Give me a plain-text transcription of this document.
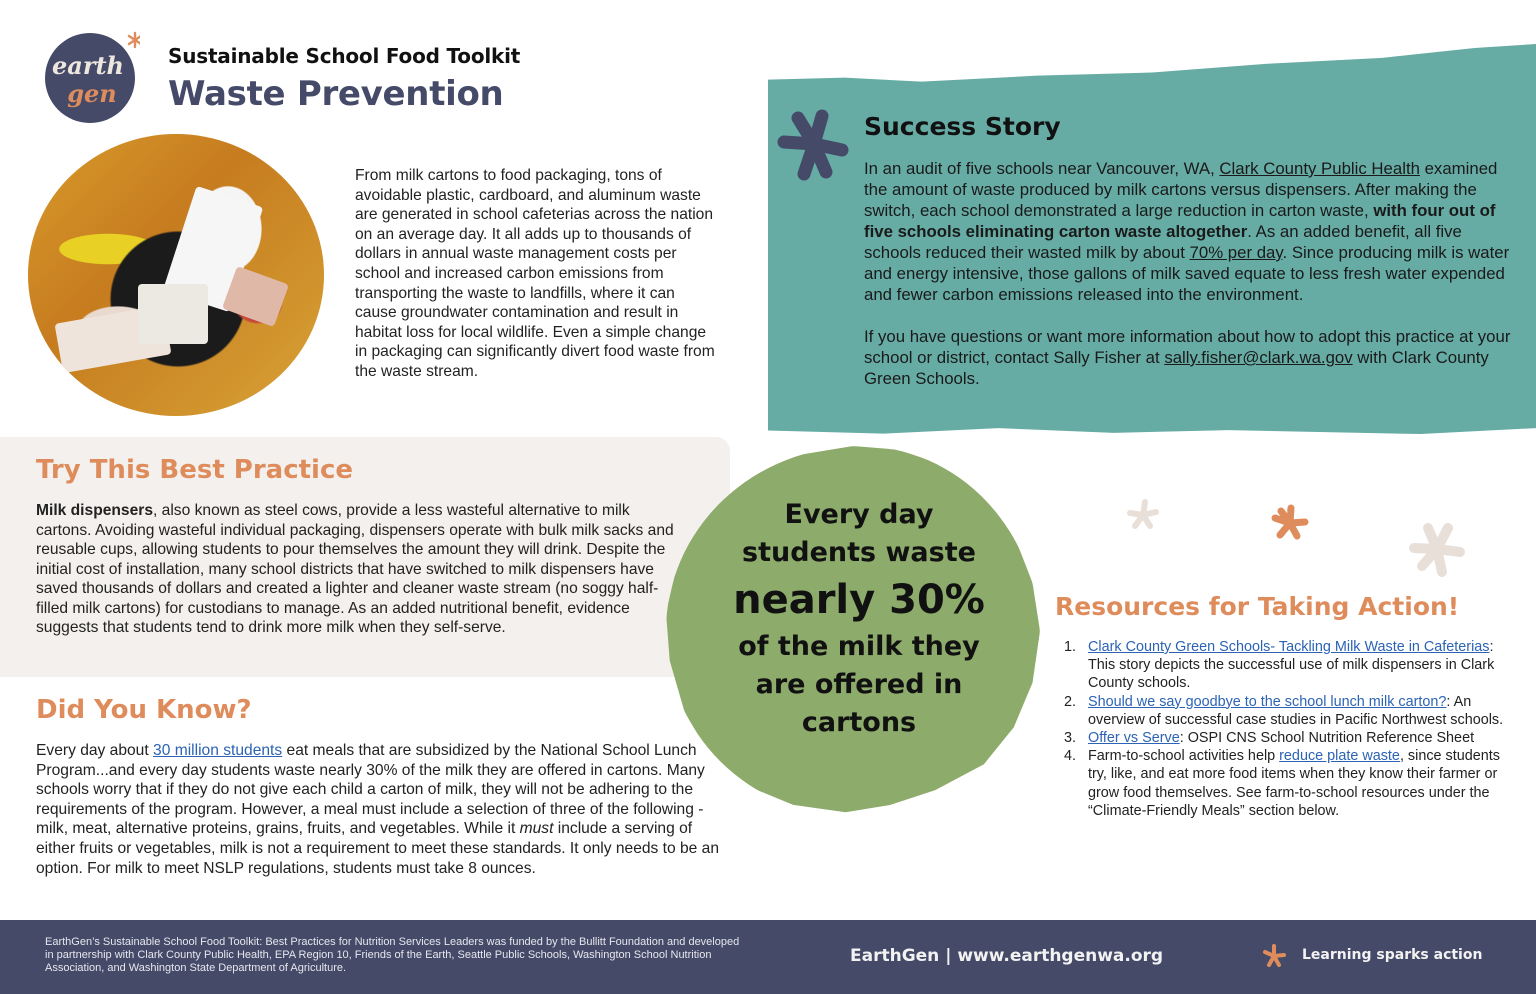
earth
gen
Sustainable School Food Toolkit
Waste Prevention
From milk cartons to food packaging, tons of avoidable plastic, cardboard, and aluminum waste are generated in school cafeterias across the nation on an average day. It all adds up to thousands of dollars in annual waste management costs per school and increased carbon emissions from transporting the waste to landfills, where it can cause groundwater contamination and result in habitat loss for local wildlife. Even a simple change in packaging can significantly divert food waste from the waste stream.
Success Story

In an audit of five schools near Vancouver, WA, Clark County Public Health examined the amount of waste produced by milk cartons versus dispensers. After making the switch, each school demonstrated a large reduction in carton waste, with four out of five schools eliminating carton waste altogether. As an added benefit, all five schools reduced their wasted milk by about 70% per day. Since producing milk is water and energy intensive, those gallons of milk saved equate to less fresh water expended and fewer carbon emissions released into the environment.

If you have questions or want more information about how to adopt this practice at your school or district, contact Sally Fisher at sally.fisher@clark.wa.gov with Clark County Green Schools.

Try This Best Practice
Milk dispensers, also known as steel cows, provide a less wasteful alternative to milk cartons. Avoiding wasteful individual packaging, dispensers operate with bulk milk sacks and reusable cups, allowing students to pour themselves the amount they will drink. Despite the initial cost of installation, many school districts that have switched to milk dispensers have saved thousands of dollars and created a lighter and cleaner waste stream (no soggy half-filled milk cartons) for custodians to manage. As an added nutritional benefit, evidence suggests that students tend to drink more milk when they self-serve.
Did You Know?
Every day about 30 million students eat meals that are subsidized by the National School Lunch Program...and every day students waste nearly 30% of the milk they are offered in cartons. Many schools worry that if they do not give each child a carton of milk, they will not be adhering to the requirements of the program. However, a meal must include a selection of three of the following - milk, meat, alternative proteins, grains, fruits, and vegetables. While it must include a serving of either fruits or vegetables, milk is not a requirement to meet these standards. It only needs to be an option. For milk to meet NSLP regulations, students must take 8 ounces.
Every day
students waste
nearly 30%
of the milk they
are offered in
cartons
Resources for Taking Action!
1. Clark County Green Schools- Tackling Milk Waste in Cafeterias: This story depicts the successful use of milk dispensers in Clark County schools.
2. Should we say goodbye to the school lunch milk carton?: An overview of successful case studies in Pacific Northwest schools.
3. Offer vs Serve: OSPI CNS School Nutrition Reference Sheet
4. Farm-to-school activities help reduce plate waste, since students try, like, and eat more food items when they know their farmer or grow food themselves. See farm-to-school resources under the “Climate-Friendly Meals” section below.
EarthGen’s Sustainable School Food Toolkit: Best Practices for Nutrition Services Leaders was funded by the Bullitt Foundation and developed in partnership with Clark County Public Health, EPA Region 10, Friends of the Earth, Seattle Public Schools, Washington School Nutrition Association, and Washington State Department of Agriculture.
EarthGen | www.earthgenwa.org	Learning sparks action
